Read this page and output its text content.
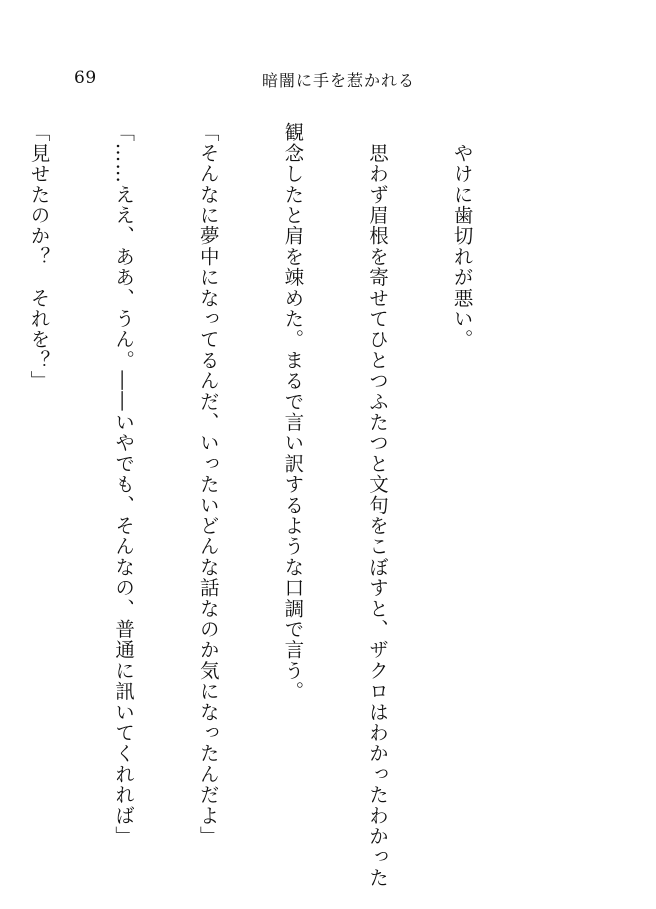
69	暗闇に手を惹かれる

　やけに歯切れが悪い。

　思わず眉根を寄せてひとつふたつと文句をこぼすと、ザクロはわかったわかった

観念したと肩を竦めた。まるで言い訳するような口調で言う。

「そんなに夢中になってるんだ、いったいどんな話なのか気になったんだよ」

「……ええ、ああ、うん。――いやでも、そんなの、普通に訊いてくれれば」

「見せたのか？　それを？」
